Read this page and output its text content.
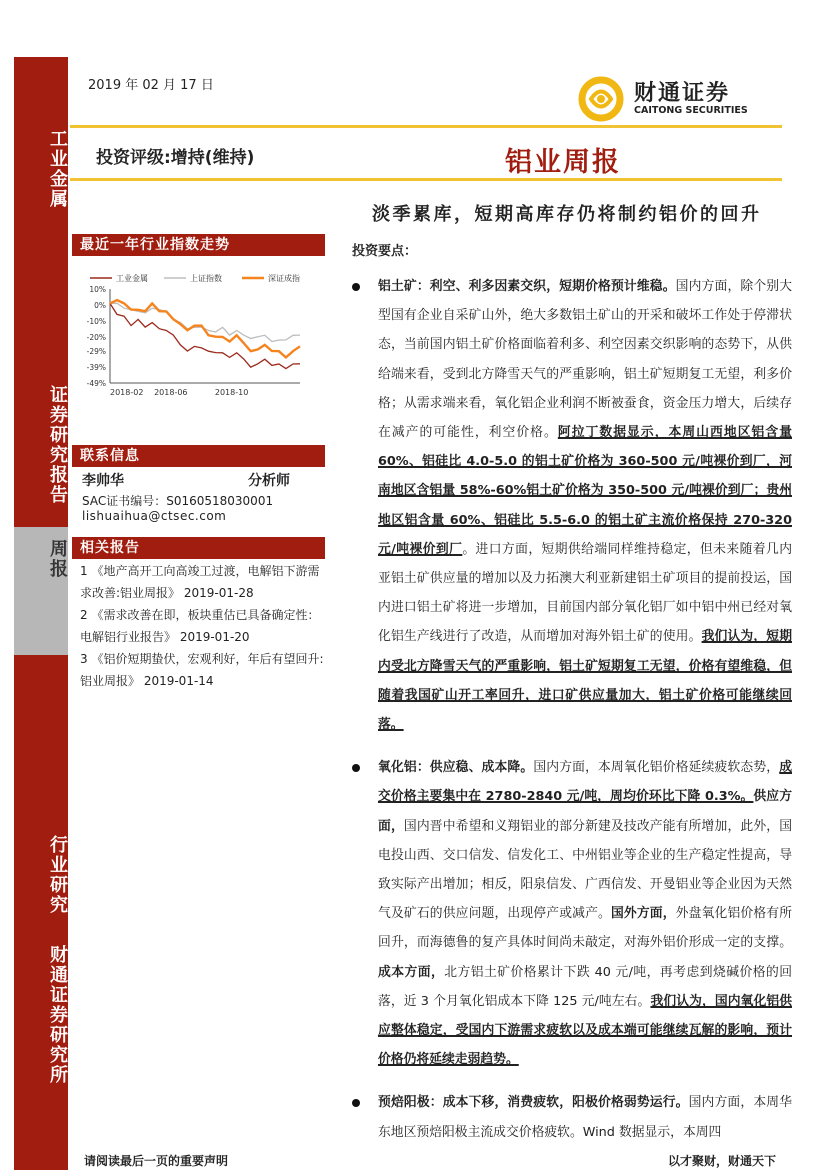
工业金属
证券研究报告
周报
行业研究
财通证券研究所
2019 年 02 月 17 日	财通证券
CAITONG SECURITIES
投资评级:增持(维持)	铝业周报
淡季累库，短期高库存仍将制约铝价的回升
最近一年行业指数走势
工业金属	上证指数	深证成指
10%
0%
-10%
-20%
-29%
-39%
-49%
2018-02 2018-06	2018-10
联系信息
李帅华	分析师
SAC证书编号：S0160518030001
lishuaihua@ctsec.com
相关报告
1 《地产高开工向高竣工过渡，电解铝下游需求改善:铝业周报》 2019-01-28
2 《需求改善在即，板块重估已具备确定性：电解铝行业报告》 2019-01-20
3 《铝价短期蛰伏，宏观利好，年后有望回升:铝业周报》 2019-01-14
投资要点：
铝土矿：利空、利多因素交织，短期价格预计维稳。国内方面，除个别大型国有企业自采矿山外，绝大多数铝土矿山的开采和破坏工作处于停滞状态，当前国内铝土矿价格面临着利多、利空因素交织影响的态势下，从供给端来看，受到北方降雪天气的严重影响，铝土矿短期复工无望，利多价格；从需求端来看，氧化铝企业利润不断被蚕食，资金压力增大，后续存在减产的可能性，利空价格。阿拉丁数据显示，本周山西地区铝含量 60%、铝硅比 4.0-5.0 的铝土矿价格为 360-500 元/吨裸价到厂，河南地区含铝量 58%-60%铝土矿价格为 350-500 元/吨裸价到厂；贵州地区铝含量 60%、铝硅比 5.5-6.0 的铝土矿主流价格保持 270-320 元/吨裸价到厂。进口方面，短期供给端同样维持稳定，但未来随着几内亚铝土矿供应量的增加以及力拓澳大利亚新建铝土矿项目的提前投运，国内进口铝土矿将进一步增加，目前国内部分氧化铝厂如中铝中州已经对氧化铝生产线进行了改造，从而增加对海外铝土矿的使用。我们认为，短期内受北方降雪天气的严重影响，铝土矿短期复工无望，价格有望维稳，但随着我国矿山开工率回升，进口矿供应量加大，铝土矿价格可能继续回落。
氧化铝：供应稳、成本降。国内方面，本周氧化铝价格延续疲软态势，成交价格主要集中在 2780-2840 元/吨，周均价环比下降 0.3%。供应方面，国内晋中希望和义翔铝业的部分新建及技改产能有所增加，此外，国电投山西、交口信发、信发化工、中州铝业等企业的生产稳定性提高，导致实际产出增加；相反，阳泉信发、广西信发、开曼铝业等企业因为天然气及矿石的供应问题，出现停产或减产。国外方面，外盘氧化铝价格有所回升，而海德鲁的复产具体时间尚未敲定，对海外铝价形成一定的支撑。成本方面，北方铝土矿价格累计下跌 40 元/吨，再考虑到烧碱价格的回落，近 3 个月氧化铝成本下降 125 元/吨左右。我们认为，国内氧化铝供应整体稳定，受国内下游需求疲软以及成本端可能继续瓦解的影响，预计价格仍将延续走弱趋势。
预焙阳极：成本下移，消费疲软，阳极价格弱势运行。国内方面，本周华东地区预焙阳极主流成交价格疲软。Wind 数据显示，本周四
请阅读最后一页的重要声明	以才聚财，财通天下
